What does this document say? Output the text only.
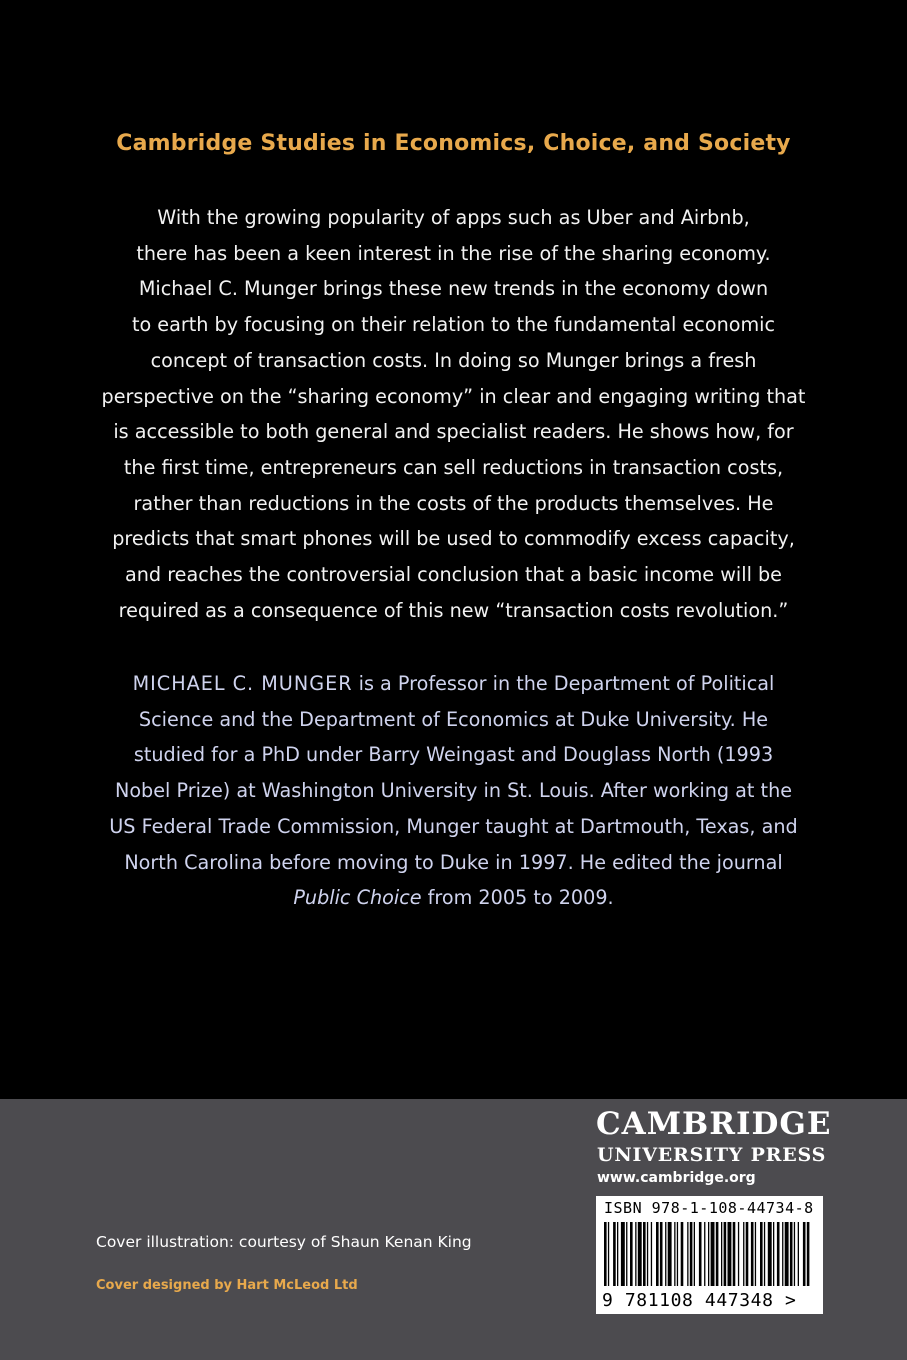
Cambridge Studies in Economics, Choice, and Society
With the growing popularity of apps such as Uber and Airbnb,
there has been a keen interest in the rise of the sharing economy.
Michael C. Munger brings these new trends in the economy down
to earth by focusing on their relation to the fundamental economic
concept of transaction costs. In doing so Munger brings a fresh
perspective on the “sharing economy” in clear and engaging writing that
is accessible to both general and specialist readers. He shows how, for
the first time, entrepreneurs can sell reductions in transaction costs,
rather than reductions in the costs of the products themselves. He
predicts that smart phones will be used to commodify excess capacity,
and reaches the controversial conclusion that a basic income will be
required as a consequence of this new “transaction costs revolution.”
MICHAEL C. MUNGER is a Professor in the Department of Political
Science and the Department of Economics at Duke University. He
studied for a PhD under Barry Weingast and Douglass North (1993
Nobel Prize) at Washington University in St. Louis. After working at the
US Federal Trade Commission, Munger taught at Dartmouth, Texas, and
North Carolina before moving to Duke in 1997. He edited the journal
Public Choice from 2005 to 2009.
CAMBRIDGE
UNIVERSITY PRESS
www.cambridge.org
ISBN 978-1-108-44734-8
9 781108 447348 >
Cover illustration: courtesy of Shaun Kenan King
Cover designed by Hart McLeod Ltd
